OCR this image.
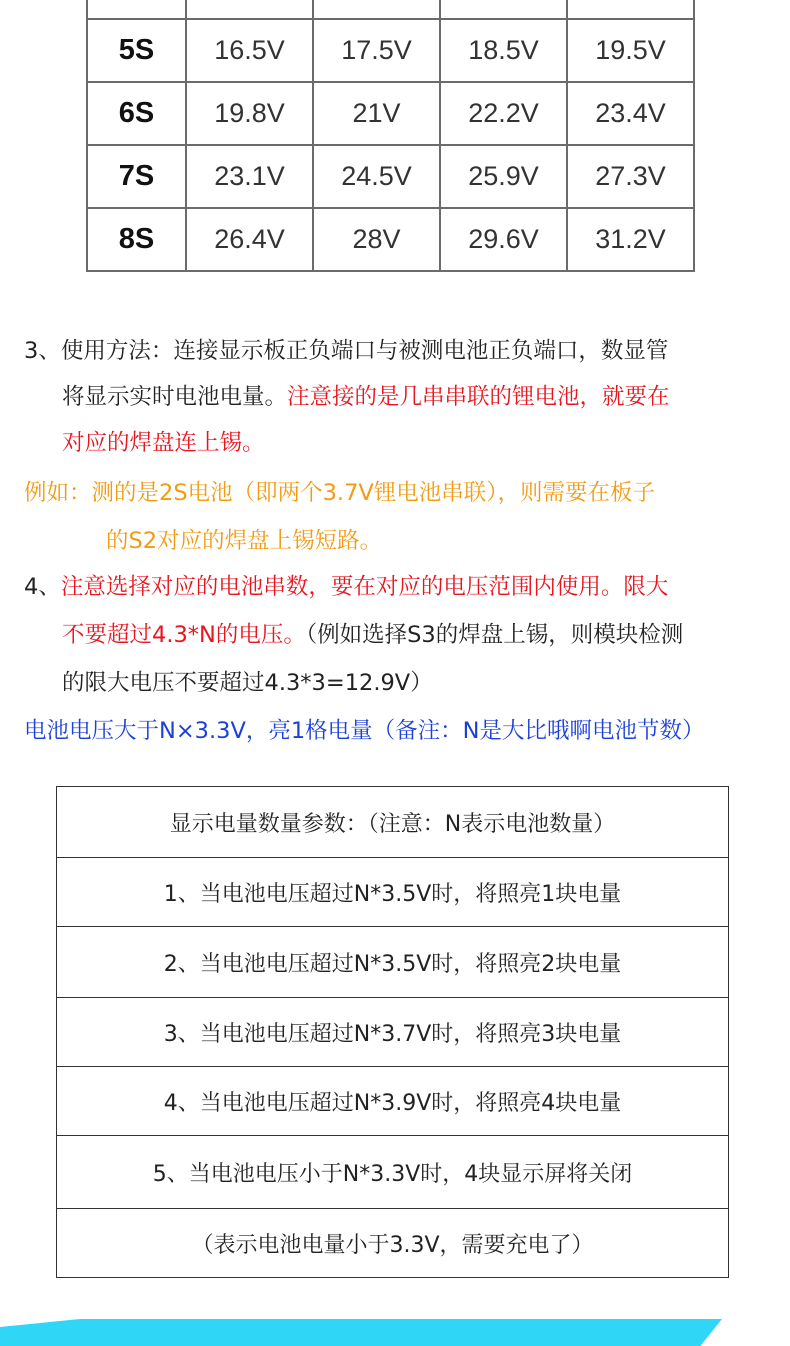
5S	16.5V	17.5V	18.5V	19.5V
6S	19.8V	21V	22.2V	23.4V
7S	23.1V	24.5V	25.9V	27.3V
8S	26.4V	28V	29.6V	31.2V
3、使用方法：连接显示板正负端口与被测电池正负端口，数显管
将显示实时电池电量。注意接的是几串串联的锂电池，就要在
对应的焊盘连上锡。
例如：测的是2S电池（即两个3.7V锂电池串联），则需要在板子
的S2对应的焊盘上锡短路。
4、注意选择对应的电池串数，要在对应的电压范围内使用。限大
不要超过4.3*N的电压。（例如选择S3的焊盘上锡，则模块检测
的限大电压不要超过4.3*3=12.9V）
电池电压大于N×3.3V，亮1格电量（备注：N是大比哦啊电池节数）
显示电量数量参数：（注意：N表示电池数量）
1、当电池电压超过N*3.5V时，将照亮1块电量
2、当电池电压超过N*3.5V时，将照亮2块电量
3、当电池电压超过N*3.7V时，将照亮3块电量
4、当电池电压超过N*3.9V时，将照亮4块电量
5、当电池电压小于N*3.3V时，4块显示屏将关闭
（表示电池电量小于3.3V，需要充电了）
